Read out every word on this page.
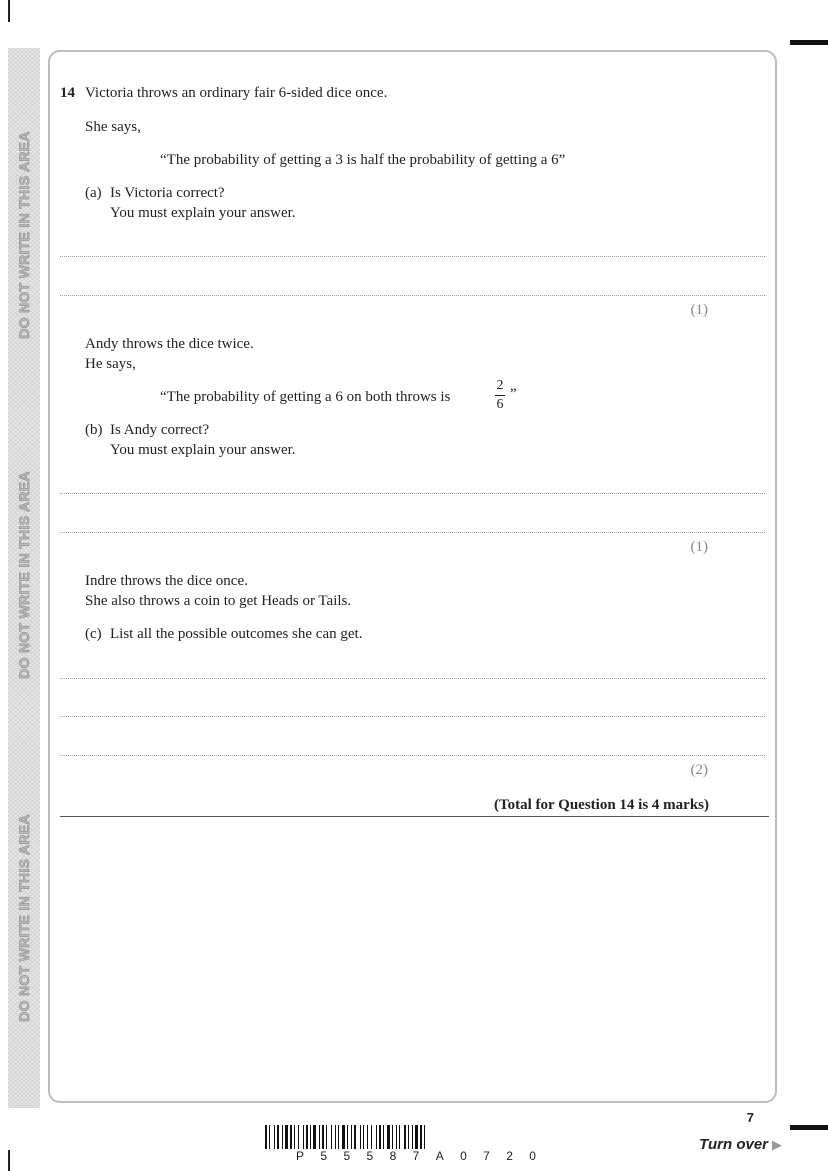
DO NOT WRITE IN THIS AREA
DO NOT WRITE IN THIS AREA
DO NOT WRITE IN THIS AREA
14 Victoria throws an ordinary fair 6-sided dice once.
She says,
“The probability of getting a 3 is half the probability of getting a 6”
(a) Is Victoria correct?
You must explain your answer.
(1)
Andy throws the dice twice.
He says,
“The probability of getting a 6 on both throws is
2
6
”
(b) Is Andy correct?
You must explain your answer.
(1)
Indre throws the dice once.
She also throws a coin to get Heads or Tails.
(c) List all the possible outcomes she can get.
(2)
(Total for Question 14 is 4 marks)
7
Turn over ▶
P 5 5 5 8 7 A 0 7 2 0
